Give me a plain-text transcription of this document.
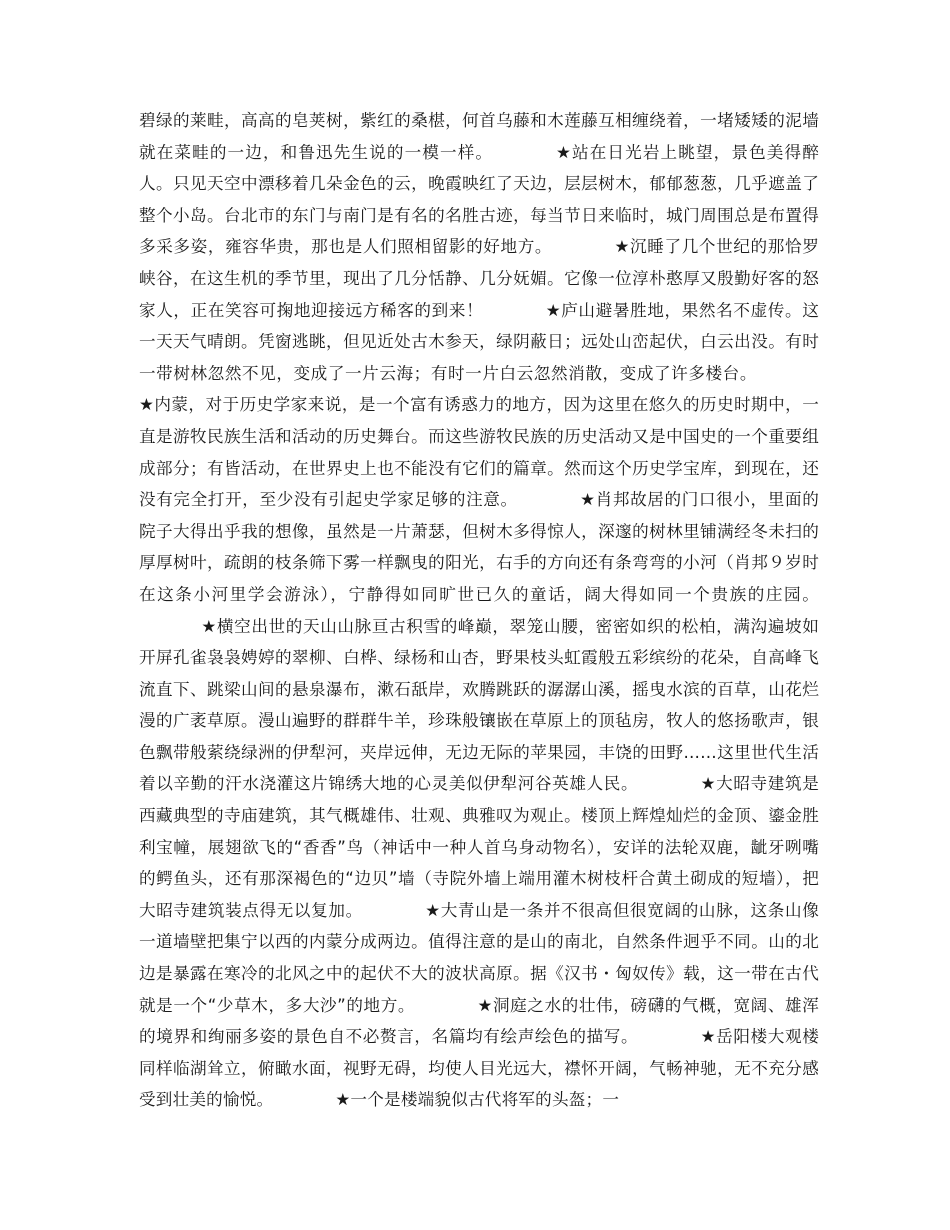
碧绿的莱畦，高高的皂荚树，紫红的桑椹，何首乌藤和木莲藤互相缠绕着，一堵矮矮的泥墙就在菜畦的一边，和鲁迅先生说的一模一样。	★站在日光岩上眺望，景色美得醉人。只见天空中漂移着几朵金色的云，晚霞映红了天边，层层树木，郁郁葱葱，几乎遮盖了整个小岛。台北市的东门与南门是有名的名胜古迹，每当节日来临时，城门周围总是布置得多采多姿，雍容华贵，那也是人们照相留影的好地方。	★沉睡了几个世纪的那恰罗峡谷，在这生机的季节里，现出了几分恬静、几分妩媚。它像一位淳朴憨厚又殷勤好客的怒家人，正在笑容可掬地迎接远方稀客的到来！	★庐山避暑胜地，果然名不虚传。这一天天气晴朗。凭窗逃眺，但见近处古木参天，绿阴蔽日；远处山峦起伏，白云出没。有时一带树林忽然不见，变成了一片云海；有时一片白云忽然消散，变成了许多楼台。★内蒙，对于历史学家来说，是一个富有诱惑力的地方，因为这里在悠久的历史时期中，一直是游牧民族生活和活动的历史舞台。而这些游牧民族的历史活动又是中国史的一个重要组成部分；有皆活动，在世界史上也不能没有它们的篇章。然而这个历史学宝库，到现在，还没有完全打开，至少没有引起史学家足够的注意。	★肖邦故居的门口很小，里面的院子大得出乎我的想像，虽然是一片萧瑟，但树木多得惊人，深邃的树林里铺满经冬未扫的厚厚树叶，疏朗的枝条筛下雾一样飘曳的阳光，右手的方向还有条弯弯的小河（肖邦９岁时在这条小河里学会游泳），宁静得如同旷世已久的童话，阔大得如同一个贵族的庄园。★横空出世的天山山脉亘古积雪的峰巅，翠笼山腰，密密如织的松柏，满沟遍坡如开屏孔雀袅袅娉婷的翠柳、白桦、绿杨和山杏，野果枝头虹霞般五彩缤纷的花朵，自高峰飞流直下、跳梁山间的悬泉瀑布，漱石舐岸，欢腾跳跃的潺潺山溪，摇曳水滨的百草，山花烂漫的广袤草原。漫山遍野的群群牛羊，珍珠般镶嵌在草原上的顶毡房，牧人的悠扬歌声，银色飘带般萦绕绿洲的伊犁河，夹岸远伸，无边无际的苹果园，丰饶的田野……这里世代生活着以辛勤的汗水浇灌这片锦绣大地的心灵美似伊犁河谷英雄人民。	★大昭寺建筑是西藏典型的寺庙建筑，其气概雄伟、壮观、典雅叹为观止。楼顶上辉煌灿烂的金顶、鎏金胜利宝幢，展翅欲飞的“香香”鸟（神话中一种人首乌身动物名），安详的法轮双鹿，龇牙咧嘴的鳄鱼头，还有那深褐色的“边贝”墙（寺院外墙上端用灌木树枝杆合黄土砌成的短墙），把大昭寺建筑装点得无以复加。	★大青山是一条并不很高但很宽阔的山脉，这条山像一道墙壁把集宁以西的内蒙分成两边。值得注意的是山的南北，自然条件迥乎不同。山的北边是暴露在寒冷的北风之中的起伏不大的波状高原。据《汉书・匈奴传》载，这一带在古代就是一个“少草木，多大沙”的地方。	★洞庭之水的壮伟，磅礴的气概，宽阔、雄浑的境界和绚丽多姿的景色自不必赘言，名篇均有绘声绘色的描写。	★岳阳楼大观楼同样临湖耸立，俯瞰水面，视野无碍，均使人目光远大，襟怀开阔，气畅神驰，无不充分感受到壮美的愉悦。	★一个是楼端貌似古代将军的头盔；一
